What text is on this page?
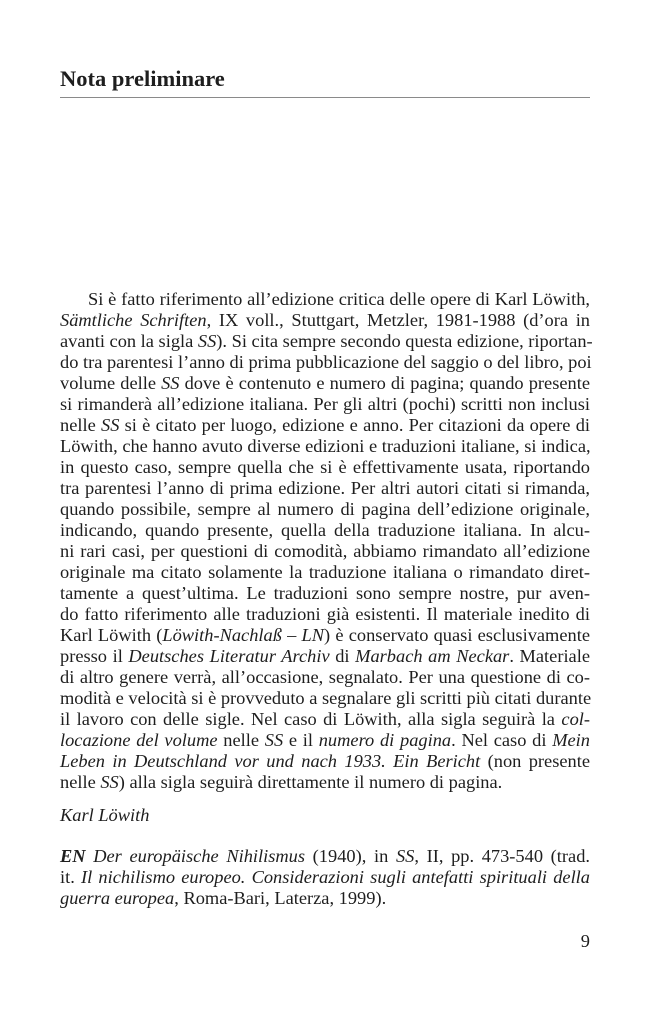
Nota preliminare
Si è fatto riferimento all’edizione critica delle opere di Karl Löwith,
Sämtliche Schriften, IX voll., Stuttgart, Metzler, 1981-1988 (d’ora in
avanti con la sigla SS). Si cita sempre secondo questa edizione, riportan-
do tra parentesi l’anno di prima pubblicazione del saggio o del libro, poi
volume delle SS dove è contenuto e numero di pagina; quando presente
si rimanderà all’edizione italiana. Per gli altri (pochi) scritti non inclusi
nelle SS si è citato per luogo, edizione e anno. Per citazioni da opere di
Löwith, che hanno avuto diverse edizioni e traduzioni italiane, si indica,
in questo caso, sempre quella che si è effettivamente usata, riportando
tra parentesi l’anno di prima edizione. Per altri autori citati si rimanda,
quando possibile, sempre al numero di pagina dell’edizione originale,
indicando, quando presente, quella della traduzione italiana. In alcu-
ni rari casi, per questioni di comodità, abbiamo rimandato all’edizione
originale ma citato solamente la traduzione italiana o rimandato diret-
tamente a quest’ultima. Le traduzioni sono sempre nostre, pur aven-
do fatto riferimento alle traduzioni già esistenti. Il materiale inedito di
Karl Löwith (Löwith-Nachlaß – LN) è conservato quasi esclusivamente
presso il Deutsches Literatur Archiv di Marbach am Neckar. Materiale
di altro genere verrà, all’occasione, segnalato. Per una questione di co-
modità e velocità si è provveduto a segnalare gli scritti più citati durante
il lavoro con delle sigle. Nel caso di Löwith, alla sigla seguirà la col-
locazione del volume nelle SS e il numero di pagina. Nel caso di Mein
Leben in Deutschland vor und nach 1933. Ein Bericht (non presente
nelle SS) alla sigla seguirà direttamente il numero di pagina.
Karl Löwith
EN Der europäische Nihilismus (1940), in SS, II, pp. 473-540 (trad.
it. Il nichilismo europeo. Considerazioni sugli antefatti spirituali della
guerra europea, Roma-Bari, Laterza, 1999).
9
